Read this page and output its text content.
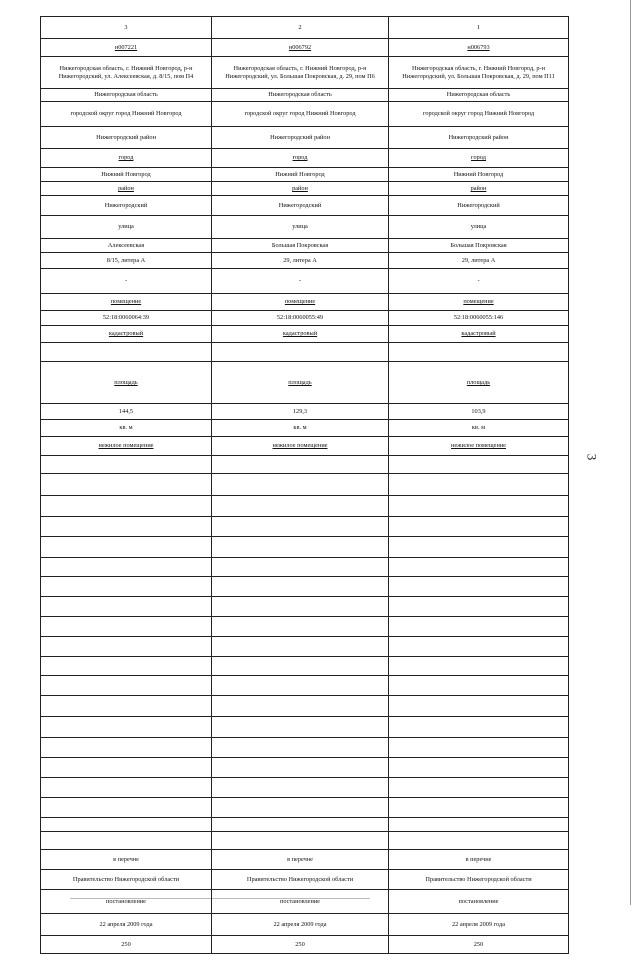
3
3	2	1
н007221	н006792	н006793
Нижегородская область, г. Нижний Новгород, р-н Нижегородский, ул. Алексеевская, д. 8/15, пом П4	Нижегородская область, г. Нижний Новгород, р-н Нижегородский, ул. Большая Покровская, д. 29, пом П6	Нижегородская область, г. Нижний Новгород, р-н Нижегородский, ул. Большая Покровская, д. 29, пом П11
Нижегородская область	Нижегородская область	Нижегородская область
городской округ город Нижний Новгород	городской округ город Нижний Новгород	городской округ город Нижний Новгород
Нижегородский район	Нижегородский район	Нижегородский район
город	город	город
Нижний Новгород	Нижний Новгород	Нижний Новгород
район	район	район
Нижегородский	Нижегородский	Нижегородский
улица	улица	улица
Алексеевская	Большая Покровская	Большая Покровская
8/15, литера А	29, литера А	29, литера А
-	-	-
помещение	помещение	помещение
52:18:0060064:39	52:18:0060055:49	52:18:0060055:146
кадастровый	кадастровый	кадастровый

площадь	площадь	площадь
144,5	129,3	103,9
кв. м	кв. м	кв. м
нежилое помещение	нежилое помещение	нежилое помещение

в перечне	в перечне	в перечне
Правительство Нижегородской области	Правительство Нижегородской области	Правительство Нижегородской области
постановление	постановление	постановление
22 апреля 2009 года	22 апреля 2009 года	22 апреля 2009 года
250	250	250
